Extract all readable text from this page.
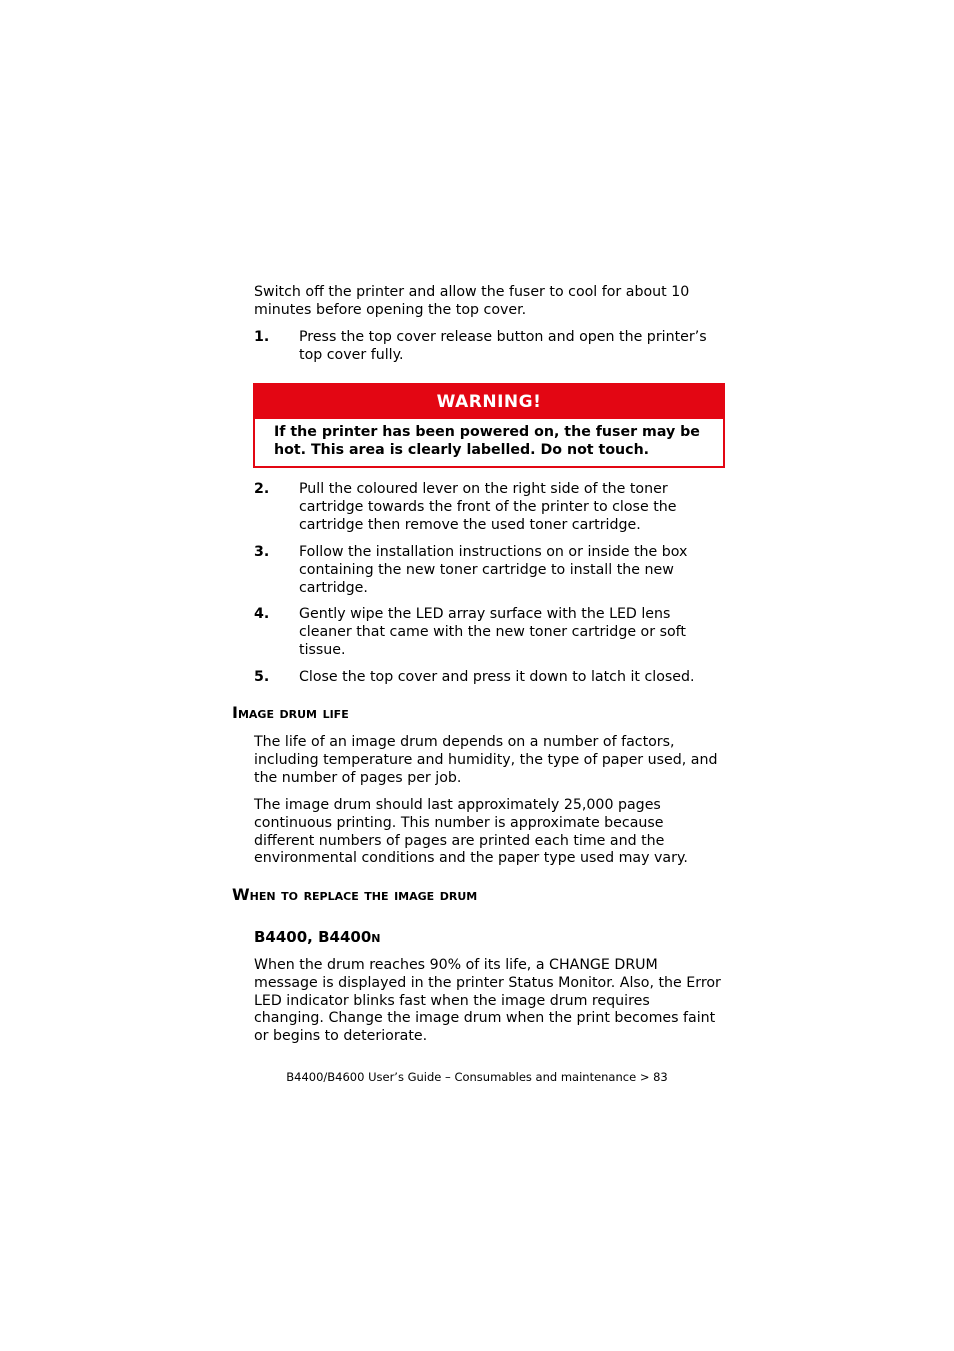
Switch off the printer and allow the fuser to cool for about 10 minutes before opening the top cover.

1. Press the top cover release button and open the printer’s top cover fully.
WARNING!
If the printer has been powered on, the fuser may be hot. This area is clearly labelled. Do not touch.
2. Pull the coloured lever on the right side of the toner cartridge towards the front of the printer to close the cartridge then remove the used toner cartridge.
3. Follow the installation instructions on or inside the box containing the new toner cartridge to install the new cartridge.
4. Gently wipe the LED array surface with the LED lens cleaner that came with the new toner cartridge or soft tissue.
5. Close the top cover and press it down to latch it closed.
Image drum life

The life of an image drum depends on a number of factors, including temperature and humidity, the type of paper used, and the number of pages per job.

The image drum should last approximately 25,000 pages continuous printing. This number is approximate because different numbers of pages are printed each time and the environmental conditions and the paper type used may vary.

When to replace the image drum
B4400, B4400n

When the drum reaches 90% of its life, a CHANGE DRUM message is displayed in the printer Status Monitor. Also, the Error LED indicator blinks fast when the image drum requires changing. Change the image drum when the print becomes faint or begins to deteriorate.

B4400/B4600 User’s Guide – Consumables and maintenance > 83
